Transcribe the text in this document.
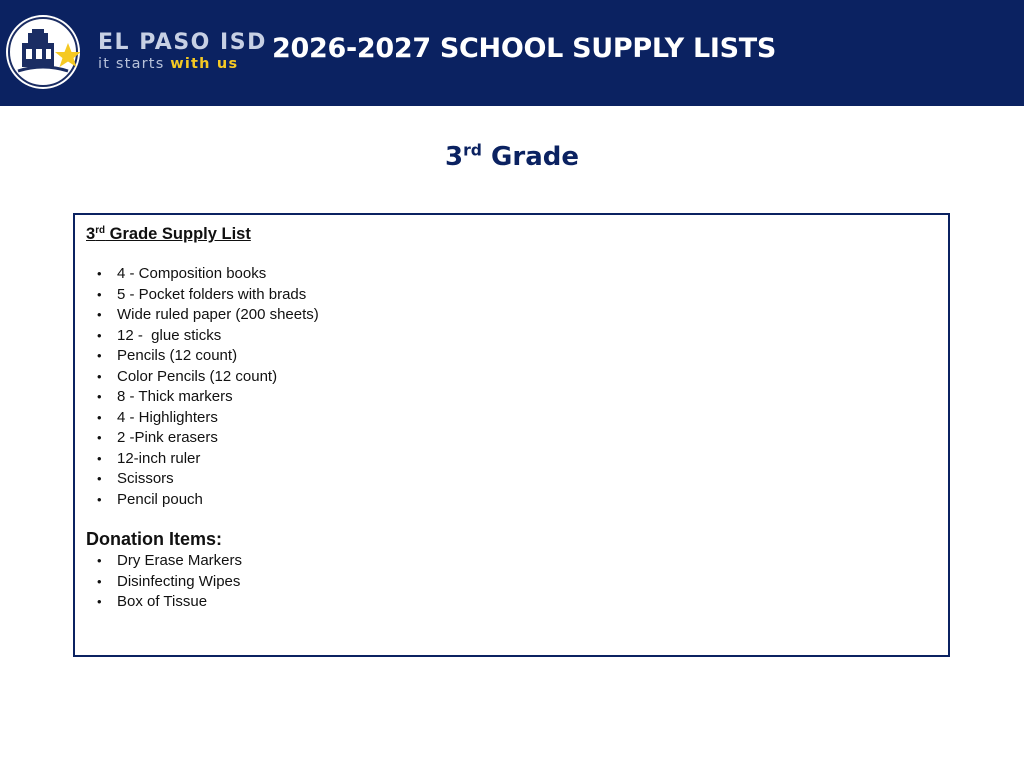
EL PASO ISD
it starts with us 2026-2027 SCHOOL SUPPLY LISTS
3rd Grade
3rd Grade Supply List
• 4 - Composition books
• 5 - Pocket folders with brads
• Wide ruled paper (200 sheets)
• 12 -  glue sticks
• Pencils (12 count)
• Color Pencils (12 count)
• 8 - Thick markers
• 4 - Highlighters
• 2 -Pink erasers
• 12-inch ruler
• Scissors
• Pencil pouch
Donation Items:
• Dry Erase Markers
• Disinfecting Wipes
• Box of Tissue
